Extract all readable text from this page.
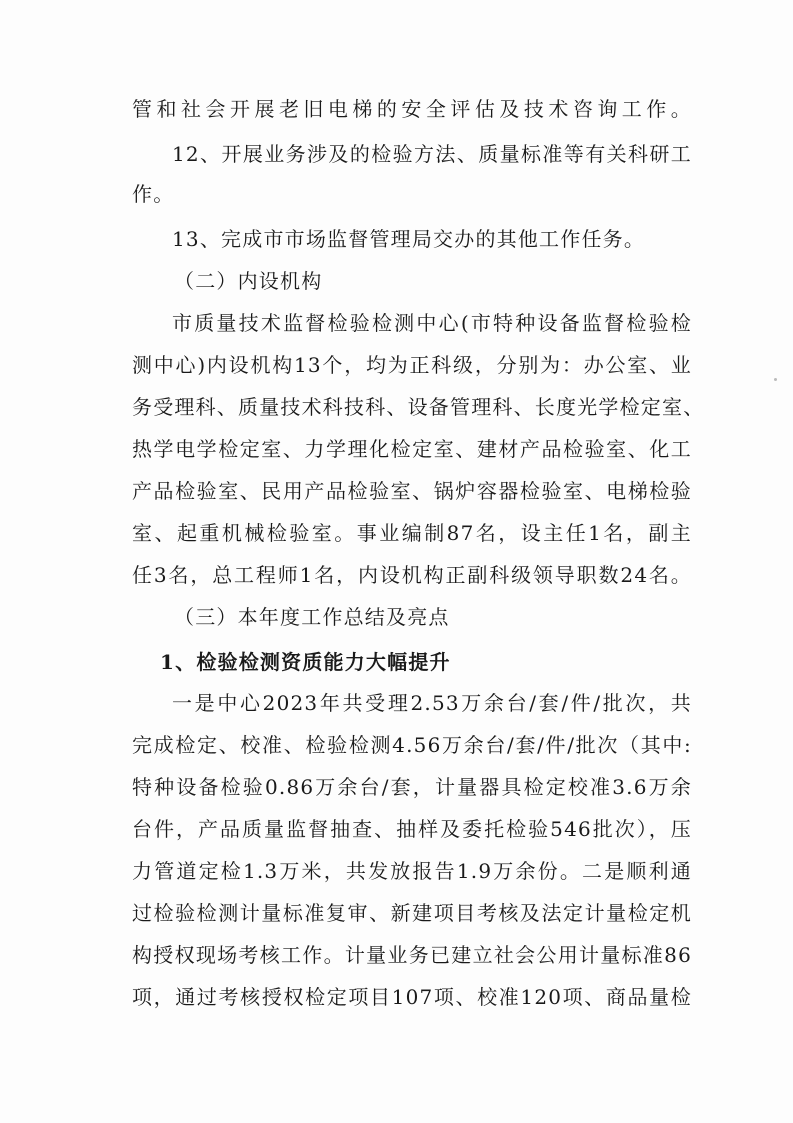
管和社会开展老旧电梯的安全评估及技术咨询工作。
12、开展业务涉及的检验方法、质量标准等有关科研工
作。
13、完成市市场监督管理局交办的其他工作任务。
（二）内设机构
市质量技术监督检验检测中心(市特种设备监督检验检
测中心)内设机构13个，均为正科级，分别为：办公室、业
务受理科、质量技术科技科、设备管理科、长度光学检定室、
热学电学检定室、力学理化检定室、建材产品检验室、化工
产品检验室、民用产品检验室、锅炉容器检验室、电梯检验
室、起重机械检验室。事业编制87名，设主任1名，副主
任3名，总工程师1名，内设机构正副科级领导职数24名。
（三）本年度工作总结及亮点
1、检验检测资质能力大幅提升
一是中心2023年共受理2.53万余台/套/件/批次，共
完成检定、校准、检验检测4.56万余台/套/件/批次（其中:
特种设备检验0.86万余台/套，计量器具检定校准3.6万余
台件，产品质量监督抽查、抽样及委托检验546批次），压
力管道定检1.3万米，共发放报告1.9万余份。二是顺利通
过检验检测计量标准复审、新建项目考核及法定计量检定机
构授权现场考核工作。计量业务已建立社会公用计量标准86
项，通过考核授权检定项目107项、校准120项、商品量检
